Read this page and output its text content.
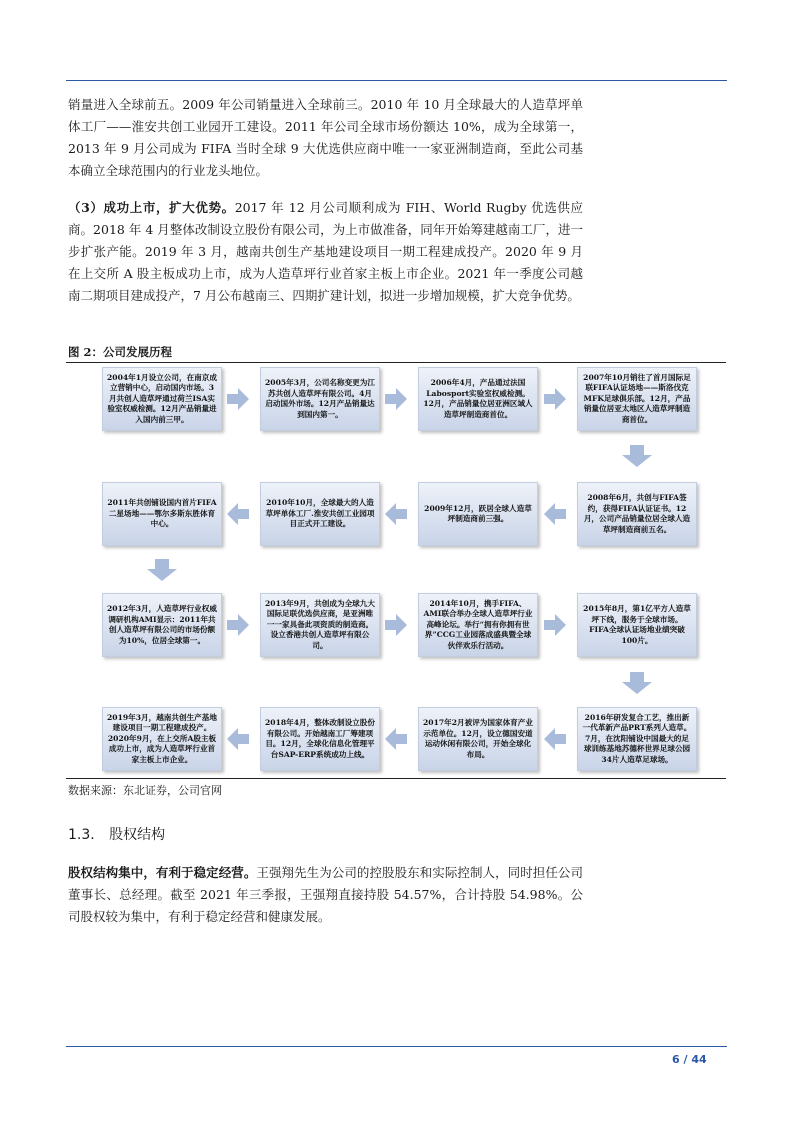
销量进入全球前五。2009 年公司销量进入全球前三。2010 年 10 月全球最大的人造草坪单体工厂——淮安共创工业园开工建设。2011 年公司全球市场份额达 10%，成为全球第一，2013 年 9 月公司成为 FIFA 当时全球 9 大优选供应商中唯一一家亚洲制造商，至此公司基本确立全球范围内的行业龙头地位。

（3）成功上市，扩大优势。2017 年 12 月公司顺利成为 FIH、World Rugby 优选供应商。2018 年 4 月整体改制设立股份有限公司，为上市做准备，同年开始筹建越南工厂，进一步扩张产能。2019 年 3 月，越南共创生产基地建设项目一期工程建成投产。2020 年 9 月在上交所 A 股主板成功上市，成为人造草坪行业首家主板上市企业。2021 年一季度公司越南二期项目建成投产，7 月公布越南三、四期扩建计划，拟进一步增加规模，扩大竞争优势。

图 2：公司发展历程
2004年1月设立公司，在南京成立营销中心，启动国内市场。3月共创人造草坪通过荷兰ISA实验室权威检测。12月产品销量进入国内前三甲。
2005年3月，公司名称变更为江苏共创人造草坪有限公司。4月启动国外市场。12月产品销量达到国内第一。
2006年4月，产品通过法国Labosport实验室权威检测。12月，产品销量位居亚洲区域人造草坪制造商首位。
2007年10月销往了首月国际足联FIFA认证场地——斯洛伐克MFK足球俱乐部。12月，产品销量位居亚太地区人造草坪制造商首位。
2008年6月，共创与FIFA签约，获得FIFA认证证书。12月，公司产品销量位居全球人造草坪制造商前五名。
2009年12月，跃居全球人造草坪制造商前三强。
2010年10月，全球最大的人造草坪单体工厂.淮安共创工业园项目正式开工建设。
2011年共创铺设国内首片FIFA二星场地——鄂尔多斯东胜体育中心。
2012年3月，人造草坪行业权威调研机构AMI显示：2011年共创人造草坪有限公司的市场份额为10%，位居全球第一。
2013年9月，共创成为全球九大国际足联优选供应商，是亚洲唯一一家具备此项资质的制造商。设立香港共创人造草坪有限公司。
2014年10月，携手FIFA、AMI联合举办全球人造草坪行业高峰论坛。举行“拥有你拥有世界”CCG工业园落成盛典暨全球伙伴欢乐行活动。
2015年8月，第1亿平方人造草坪下线，服务于全球市场。FIFA全球认证场地业绩突破100片。
2016年研发复合工艺，推出新一代革新产品PRT系列人造草。7月，在沈阳铺设中国最大的足球训练基地苏德杯世界足球公园34片人造草足球场。
2017年2月被评为国家体育产业示范单位。12月，设立德国安道运动休闲有限公司，开始全球化布局。
2018年4月，整体改制设立股份有限公司。开始越南工厂筹建项目。12月，全球化信息化管理平台SAP-ERP系统成功上线。
2019年3月，越南共创生产基地建设项目一期工程建成投产。2020年9月，在上交所A股主板成功上市，成为人造草坪行业首家主板上市企业。
数据来源：东北证券，公司官网
1.3. 股权结构

股权结构集中，有利于稳定经营。王强翔先生为公司的控股股东和实际控制人，同时担任公司董事长、总经理。截至 2021 年三季报，王强翔直接持股 54.57%，合计持股 54.98%。公司股权较为集中，有利于稳定经营和健康发展。

6 / 44
